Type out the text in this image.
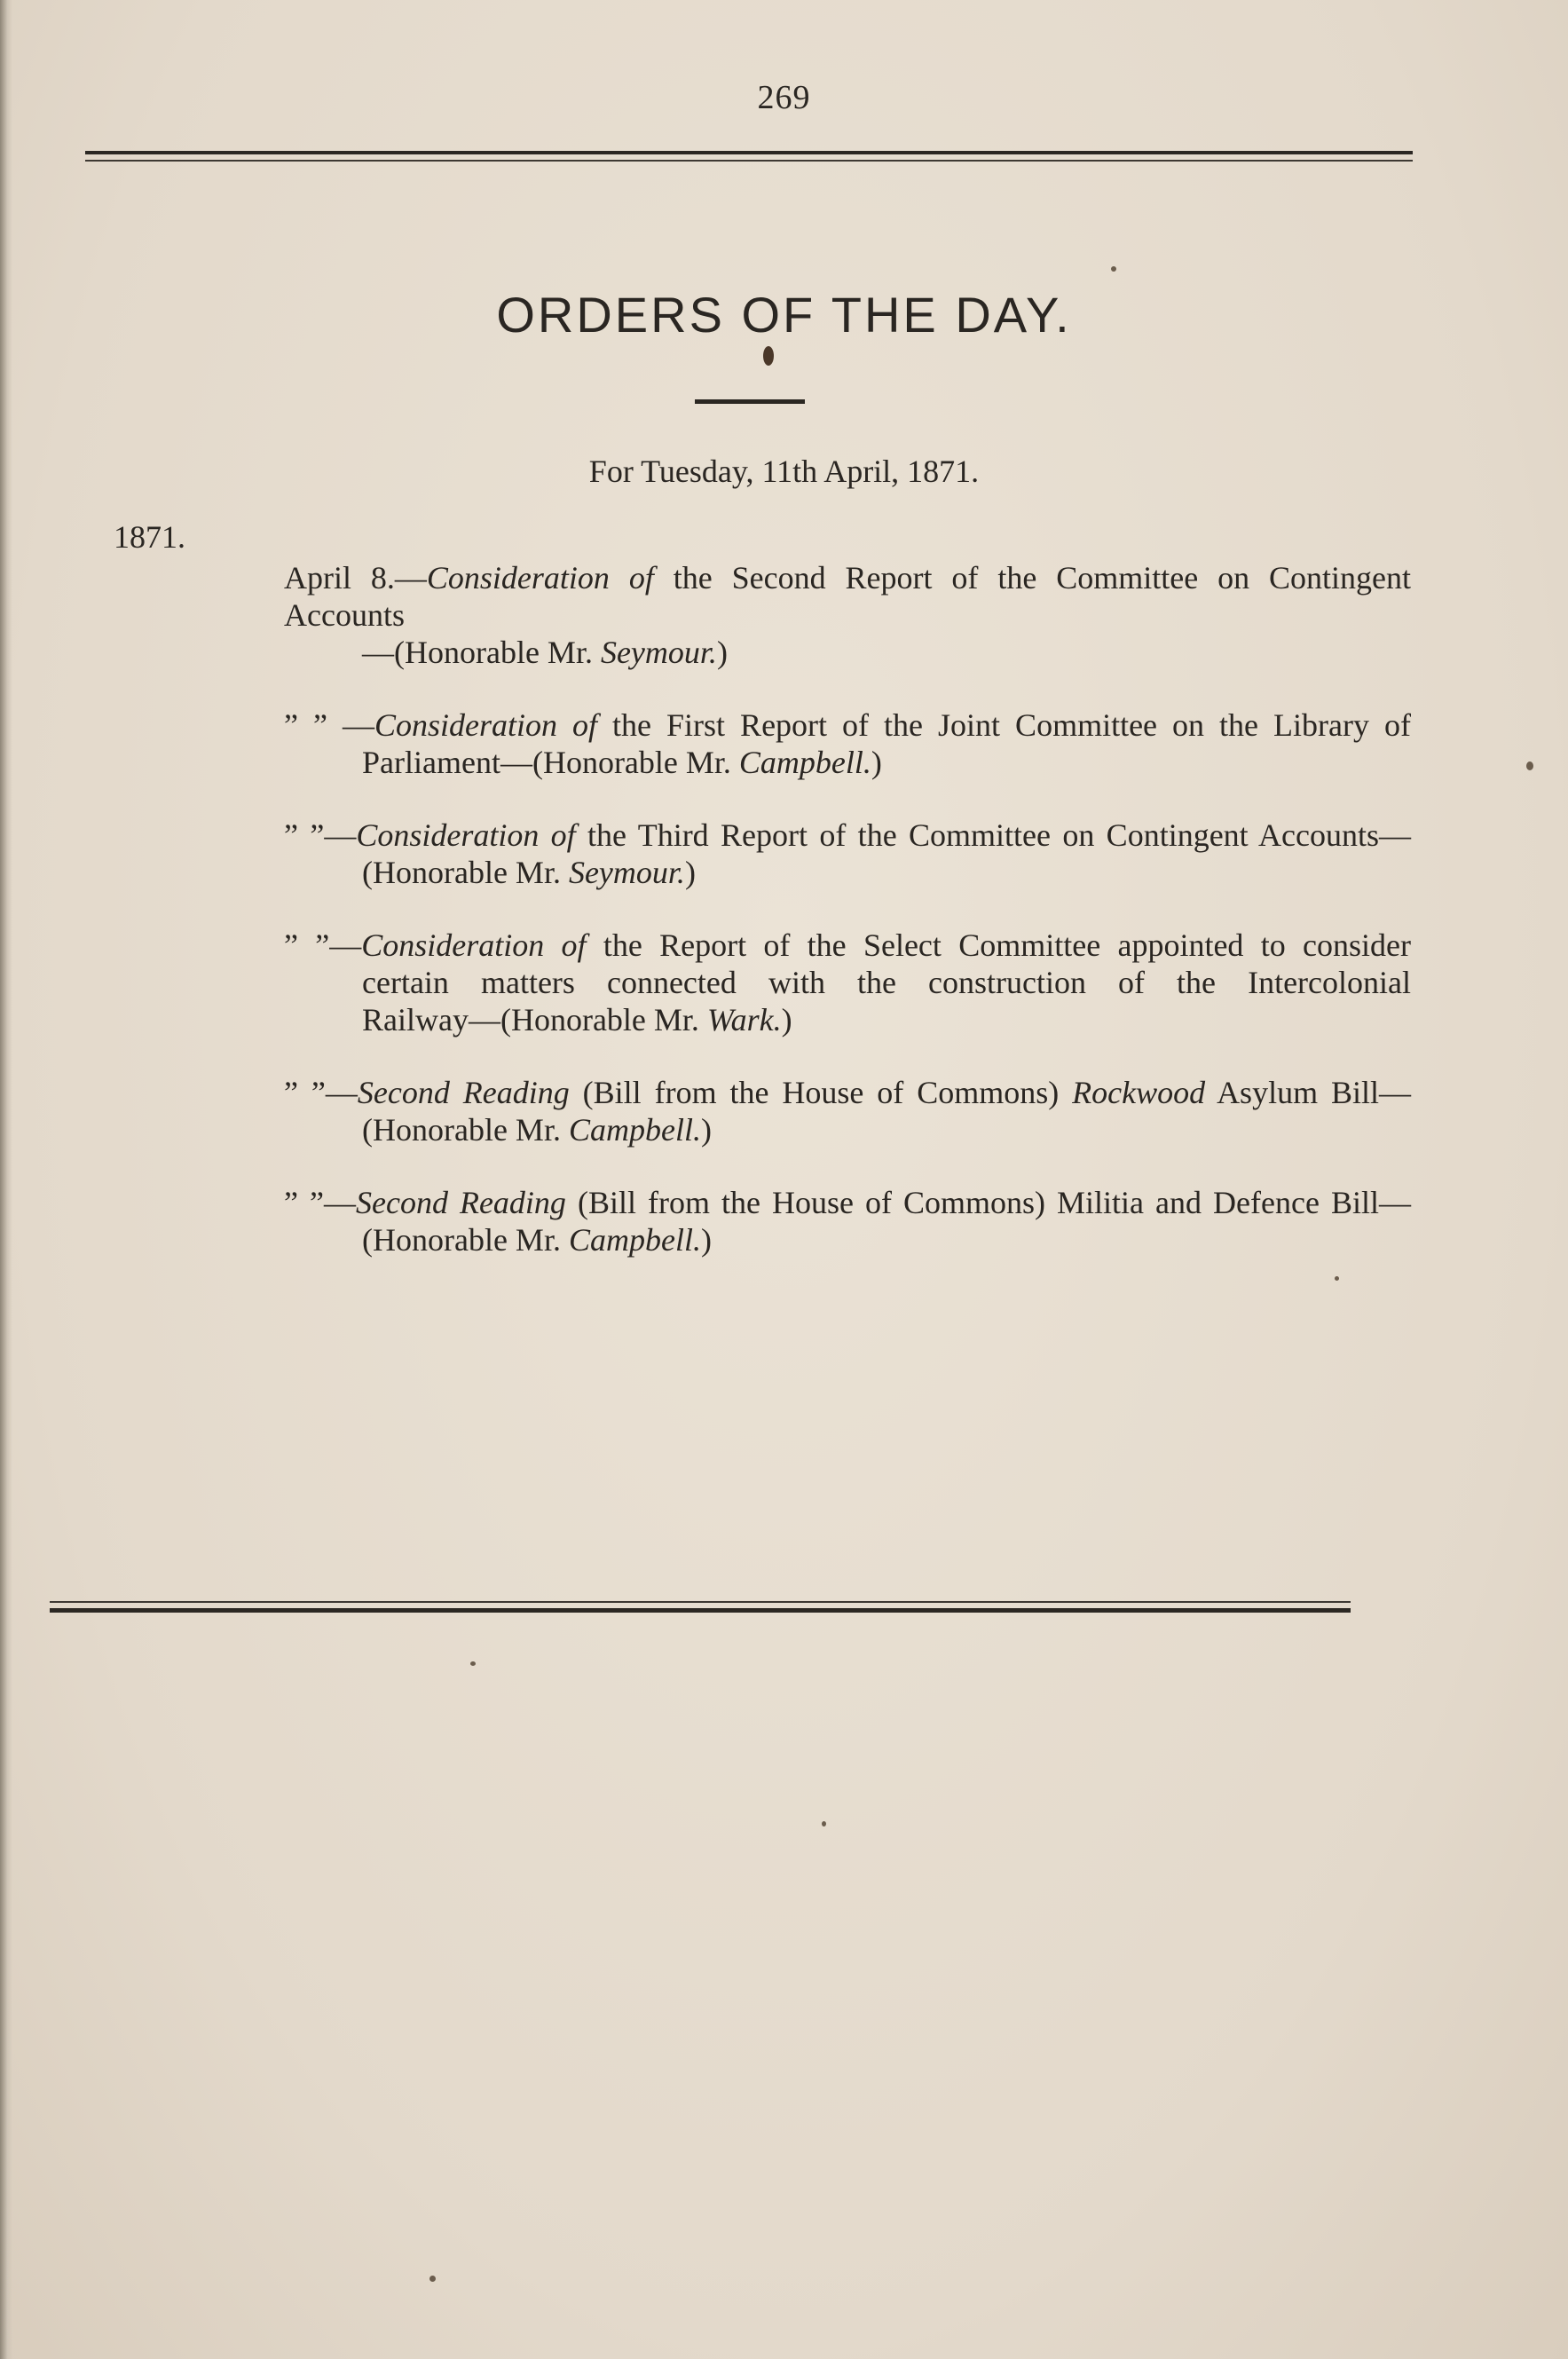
269
ORDERS OF THE DAY.
For Tuesday, 11th April, 1871.
1871.
April 8.—Consideration of the Second Report of the Committee on Contingent Accounts
—(Honorable Mr. Seymour.)
” ” —Consideration of the First Report of the Joint Committee on the Library of
Parliament—(Honorable Mr. Campbell.)
” ”—Consideration of the Third Report of the Committee on Contingent Accounts—
(Honorable Mr. Seymour.)
” ”—Consideration of the Report of the Select Committee appointed to consider
certain matters connected with the construction of the Intercolonial
Railway—(Honorable Mr. Wark.)
” ”—Second Reading (Bill from the House of Commons) Rockwood Asylum Bill—
(Honorable Mr. Campbell.)
” ”—Second Reading (Bill from the House of Commons) Militia and Defence Bill—
(Honorable Mr. Campbell.)
